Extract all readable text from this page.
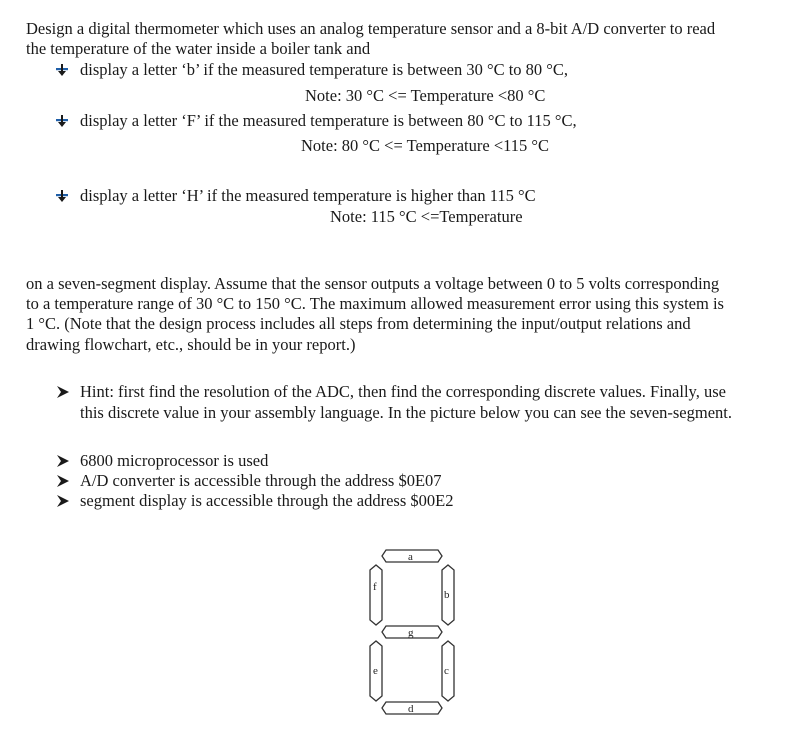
Design a digital thermometer which uses an analog temperature sensor and a 8-bit A/D converter to read
the temperature of the water inside a boiler tank and
display a letter ‘b’ if the measured temperature is between 30 °C to 80 °C,
Note: 30 °C <= Temperature <80 °C
display a letter ‘F’ if the measured temperature is between 80 °C to 115 °C,
Note: 80 °C <= Temperature <115 °C
display a letter ‘H’ if the measured temperature is higher than 115 °C
Note: 115 °C <=Temperature
on a seven-segment display. Assume that the sensor outputs a voltage between 0 to 5 volts corresponding
to a temperature range of 30 °C to 150 °C. The maximum allowed measurement error using this system is
1 °C. (Note that the design process includes all steps from determining the input/output relations and
drawing flowchart, etc., should be in your report.)
Hint: first find the resolution of the ADC, then find the corresponding discrete values. Finally, use
this discrete value in your assembly language. In the picture below you can see the seven-segment.
6800 microprocessor is used
A/D converter is accessible through the address $0E07
segment display is accessible through the address $00E2
a
f
b
g
e	c
d
